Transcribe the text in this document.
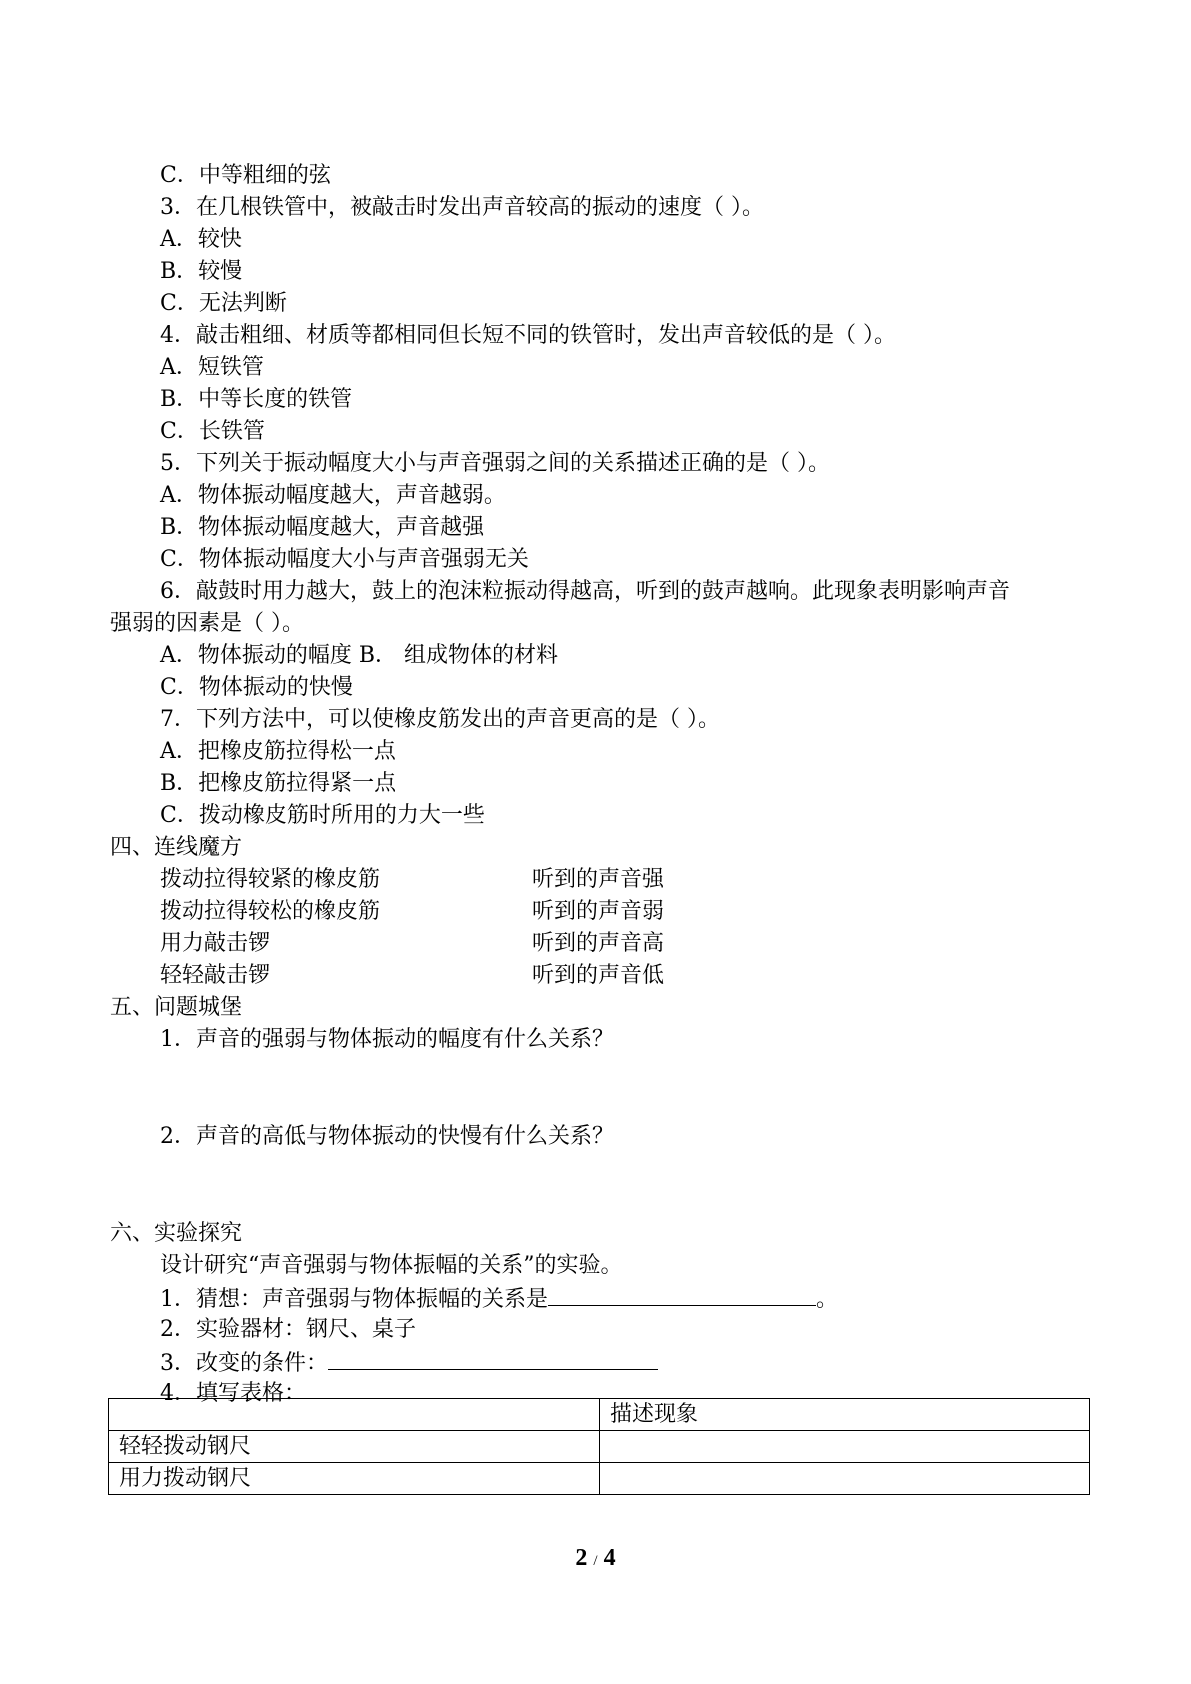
C．中等粗细的弦
3．在几根铁管中，被敲击时发出声音较高的振动的速度（ ）。
A．较快
B．较慢
C．无法判断
4．敲击粗细、材质等都相同但长短不同的铁管时，发出声音较低的是（ ）。
A．短铁管
B．中等长度的铁管
C．长铁管
5．下列关于振动幅度大小与声音强弱之间的关系描述正确的是（ ）。
A．物体振动幅度越大，声音越弱。
B．物体振动幅度越大，声音越强
C．物体振动幅度大小与声音强弱无关
6．敲鼓时用力越大，鼓上的泡沫粒振动得越高，听到的鼓声越响。此现象表明影响声音
强弱的因素是（ ）。
A．物体振动的幅度 B． 组成物体的材料
C．物体振动的快慢
7．下列方法中，可以使橡皮筋发出的声音更高的是（ ）。
A．把橡皮筋拉得松一点
B．把橡皮筋拉得紧一点
C．拨动橡皮筋时所用的力大一些
四、连线魔方
拨动拉得较紧的橡皮筋	听到的声音强
拨动拉得较松的橡皮筋	听到的声音弱
用力敲击锣	听到的声音高
轻轻敲击锣	听到的声音低
五、问题城堡
1．声音的强弱与物体振动的幅度有什么关系？
2．声音的高低与物体振动的快慢有什么关系？
六、实验探究
设计研究“声音强弱与物体振幅的关系”的实验。
1．猜想：声音强弱与物体振幅的关系是	。
2．实验器材：钢尺、桌子
3．改变的条件：
4．填写表格：
	描述现象
轻轻拨动钢尺	
用力拨动钢尺	
2 / 4
